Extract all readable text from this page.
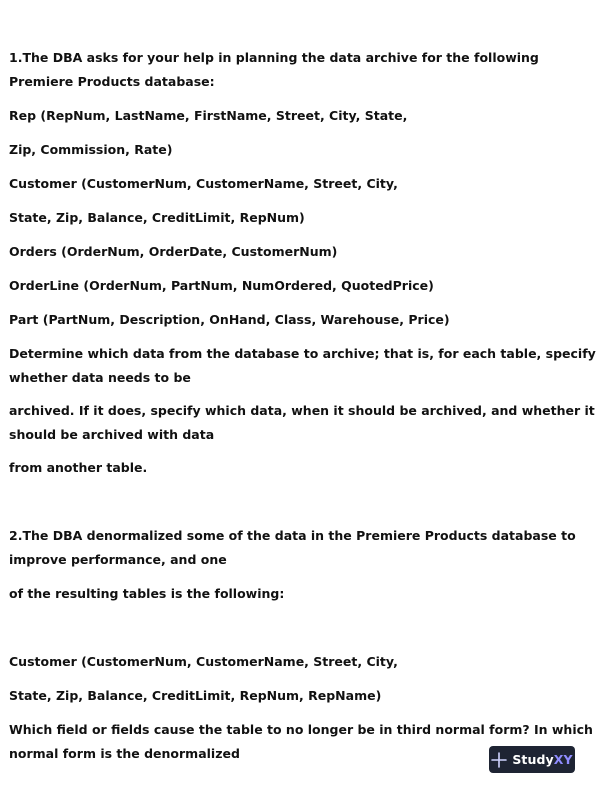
1.The DBA asks for your help in planning the data archive for the following Premiere Products database:

Rep (RepNum, LastName, FirstName, Street, City, State,

Zip, Commission, Rate)

Customer (CustomerNum, CustomerName, Street, City,

State, Zip, Balance, CreditLimit, RepNum)

Orders (OrderNum, OrderDate, CustomerNum)

OrderLine (OrderNum, PartNum, NumOrdered, QuotedPrice)

Part (PartNum, Description, OnHand, Class, Warehouse, Price)

Determine which data from the database to archive; that is, for each table, specify whether data needs to be

archived. If it does, specify which data, when it should be archived, and whether it should be archived with data

from another table.

2.The DBA denormalized some of the data in the Premiere Products database to improve performance, and one

of the resulting tables is the following:

Customer (CustomerNum, CustomerName, Street, City,

State, Zip, Balance, CreditLimit, RepNum, RepName)

Which field or fields cause the table to no longer be in third normal form? In which normal form is the denormalized	StudyXY
